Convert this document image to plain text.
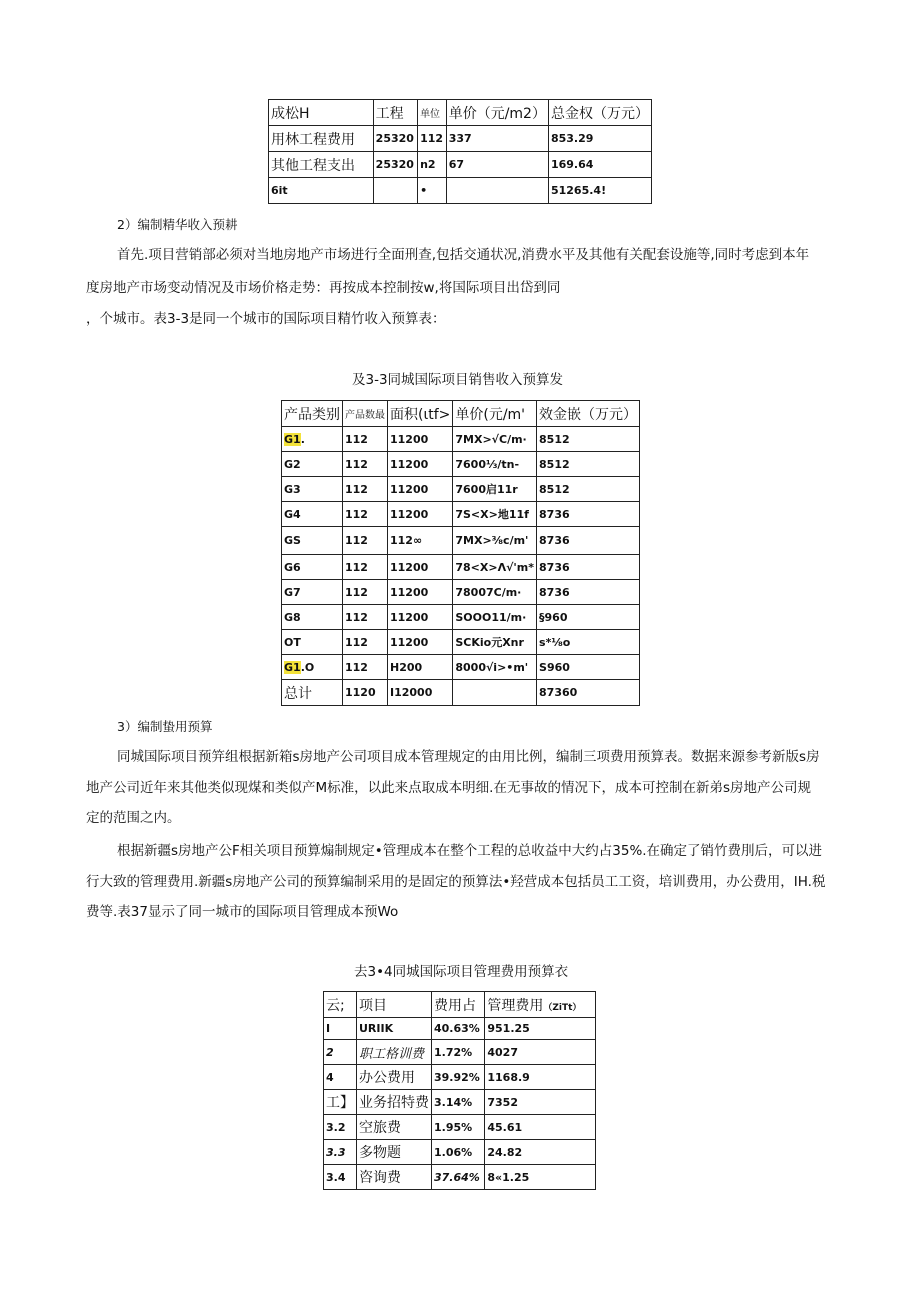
成松H	工程	单位	单价（元/m2）	总金权（万元）
用林工程费用	25320	112	337	853.29
其他工程支出	25320	n2	67	169.64
6it		•		51265.4!
2）编制精华收入预耕
首先.项目营销部必须对当地房地产市场进行全面刑查,包括交通状况,消费水平及其他有关配套设施等,同时考虑到本年
度房地产市场变动情况及市场价格走势：再按成本控制按w,将国际项目出岱到同
，个城市。表3-3是同一个城市的国际项目精竹收入预算表：
及3-3同城国际项目销售收入预算发
产品类别	产品数最	面积(ιtf>	单价(元/m'	效金嵌（万元）
G1.	112	11200	7MX>√C/m·	8512
G2	112	11200	7600⅓/tn-	8512
G3	112	11200	7600启11r	8512
G4	112	11200	7S<X>地11f	8736
GS	112	112∞	7MX>⅜c/m'	8736
G6	112	11200	78<X>Λ√'m*	8736
G7	112	11200	78007C/m·	8736
G8	112	11200	SOOO11/m·	§960
OT	112	11200	SCKio元Xnr	s*⅛o
G1.O	112	H200	8000√i>•m'	S960
总计	1120	I12000		87360
3）编制蛰用预算
同城国际项目预笄组根据新箱s房地产公司项目成本管理规定的由用比例，编制三项费用预算表。数据来源参考新版s房
地产公司近年来其他类似现煤和类似产M标准，以此来点取成本明细.在无事故的情况下，成本可控制在新弟s房地产公司规
定的范围之内。
根据新疆s房地产公F相关项目预算煽制规定•管理成本在整个工程的总收益中大约占35%.在确定了销竹费刖后，可以进
行大致的管理费用.新疆s房地产公司的预算编制采用的是固定的预算法•羟营成本包括员工工资，培训费用，办公费用，IH.税
费等.表37显示了同一城市的国际项目管理成本预Wo
去3•4同城国际项目管理费用预算衣
云;	项目	费用占	管理费用（ZiTt）
I	URIIK	40.63%	951.25
2	职工格训费	1.72%	4027
4	办公费用	39.92%	1168.9
工】	业务招特费	3.14%	7352
3.2	空旅费	1.95%	45.61
3.3	多物题	1.06%	24.82
3.4	咨询费	37.64%	8«1.25
